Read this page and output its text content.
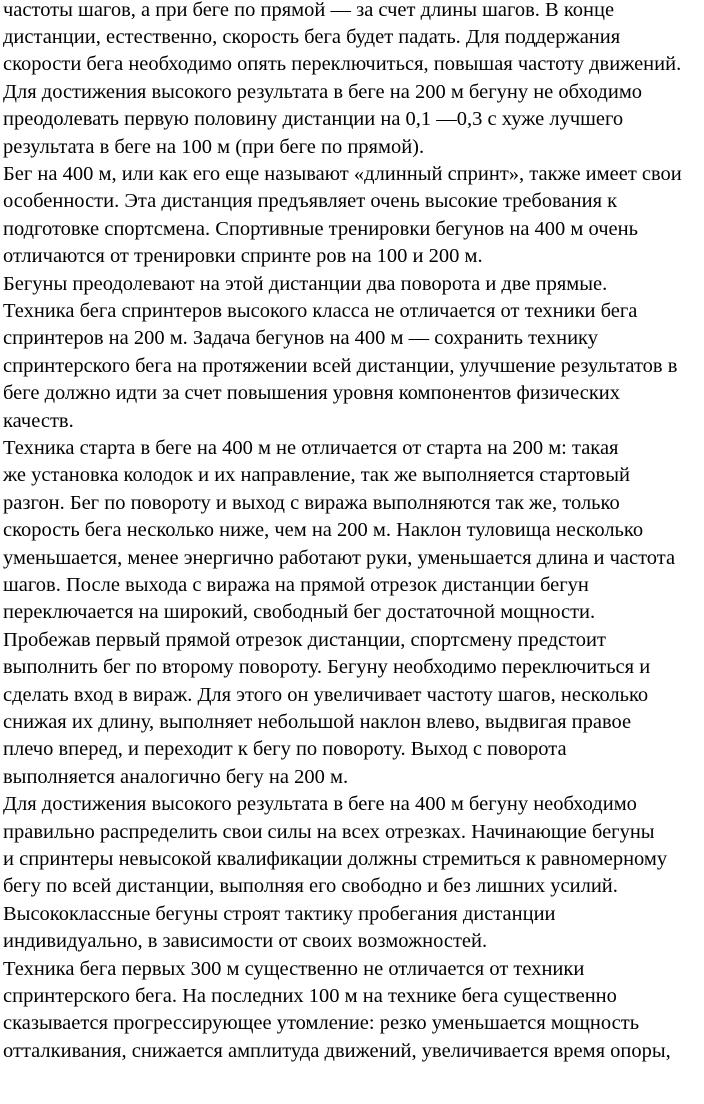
частоты шагов, а при беге по прямой — за счет длины шагов. В конце
дистанции, естественно, скорость бега будет падать. Для поддержания
скорости бега необходимо опять переключиться, повышая частоту движений.
Для достижения высокого результата в беге на 200 м бегуну не обходимо
преодолевать первую половину дистанции на 0,1 —0,3 с хуже лучшего
результата в беге на 100 м (при беге по прямой).
Бег на 400 м, или как его еще называют «длинный спринт», также имеет свои
особенности. Эта дистанция предъявляет очень высокие требования к
подготовке спортсмена. Спортивные тренировки бегунов на 400 м очень
отличаются от тренировки спринте ров на 100 и 200 м.
Бегуны преодолевают на этой дистанции два поворота и две прямые.
Техника бега спринтеров высокого класса не отличается от техники бега
спринтеров на 200 м. Задача бегунов на 400 м — сохранить технику
спринтерского бега на протяжении всей дистанции, улучшение результатов в
беге должно идти за счет повышения уровня компонентов физических
качеств.
Техника старта в беге на 400 м не отличается от старта на 200 м: такая
же установка колодок и их направление, так же выполняется стартовый
разгон. Бег по повороту и выход с виража выполняются так же, только
скорость бега несколько ниже, чем на 200 м. Наклон туловища несколько
уменьшается, менее энергично работают руки, уменьшается длина и частота
шагов. После выхода с виража на прямой отрезок дистанции бегун
переключается на широкий, свободный бег достаточной мощности.
Пробежав первый прямой отрезок дистанции, спортсмену предстоит
выполнить бег по второму повороту. Бегуну необходимо переключиться и
сделать вход в вираж. Для этого он увеличивает частоту шагов, несколько
снижая их длину, выполняет небольшой наклон влево, выдвигая правое
плечо вперед, и переходит к бегу по повороту. Выход с поворота
выполняется аналогично бегу на 200 м.
Для достижения высокого результата в беге на 400 м бегуну необходимо
правильно распределить свои силы на всех отрезках. Начинающие бегуны
и спринтеры невысокой квалификации должны стремиться к равномерному
бегу по всей дистанции, выполняя его свободно и без лишних усилий.
Высококлассные бегуны строят тактику пробегания дистанции
индивидуально, в зависимости от своих возможностей.
Техника бега первых 300 м существенно не отличается от техники
спринтерского бега. На последних 100 м на технике бега существенно
сказывается прогрессирующее утомление: резко уменьшается мощность
отталкивания, снижается амплитуда движений, увеличивается время опоры,
